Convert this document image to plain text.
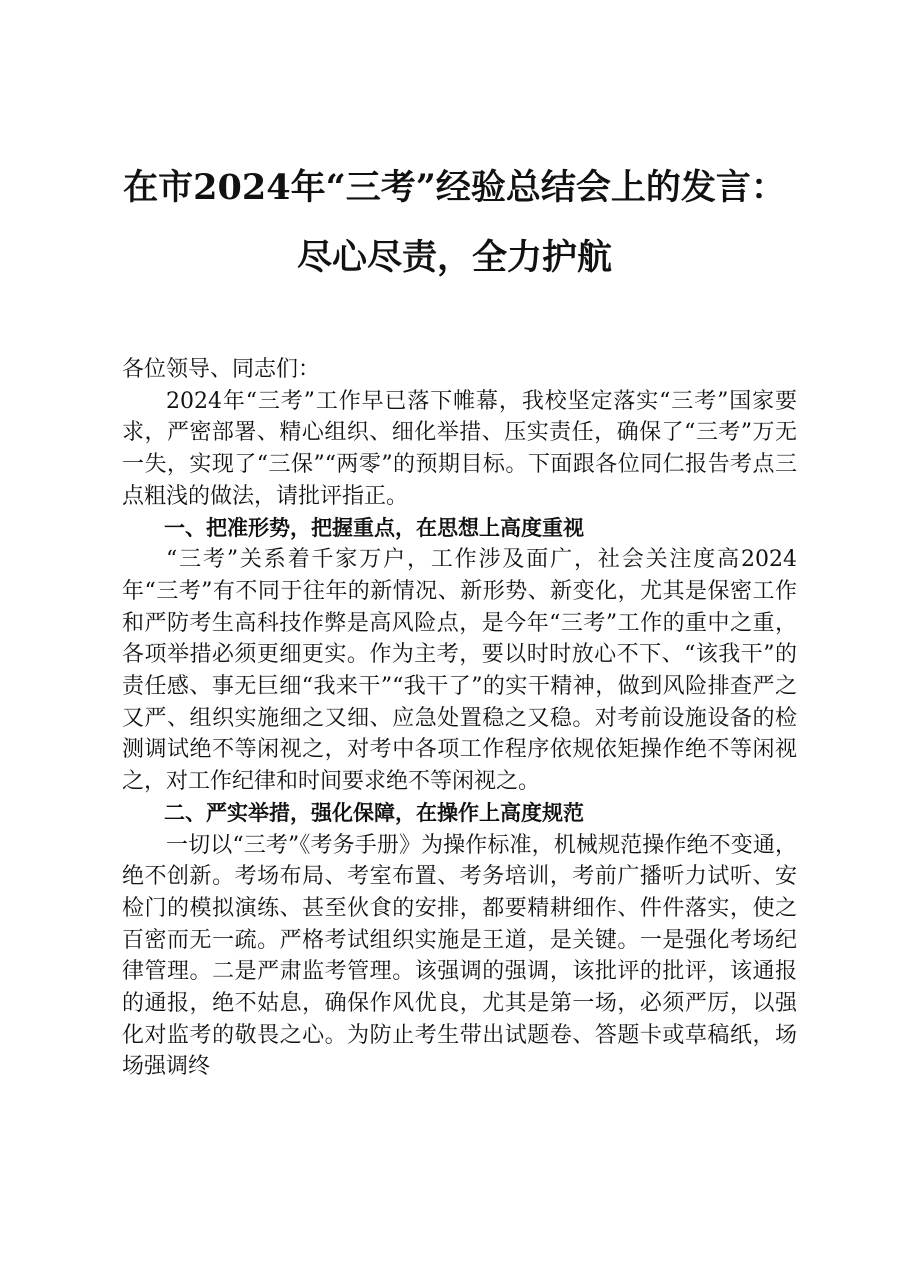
在市2024年“三考”经验总结会上的发言：
尽心尽责，全力护航

各位领导、同志们：

2024年“三考”工作早已落下帷幕，我校坚定落实“三考”国家要求，严密部署、精心组织、细化举措、压实责任，确保了“三考”万无一失，实现了“三保”“两零”的预期目标。下面跟各位同仁报告考点三点粗浅的做法，请批评指正。

一、把准形势，把握重点，在思想上高度重视

“三考”关系着千家万户，工作涉及面广，社会关注度高2024年“三考”有不同于往年的新情况、新形势、新变化，尤其是保密工作和严防考生高科技作弊是高风险点，是今年“三考”工作的重中之重，各项举措必须更细更实。作为主考，要以时时放心不下、“该我干”的责任感、事无巨细“我来干”“我干了”的实干精神，做到风险排查严之又严、组织实施细之又细、应急处置稳之又稳。对考前设施设备的检测调试绝不等闲视之，对考中各项工作程序依规依矩操作绝不等闲视之，对工作纪律和时间要求绝不等闲视之。

二、严实举措，强化保障，在操作上高度规范

一切以“三考”《考务手册》为操作标准，机械规范操作绝不变通，绝不创新。考场布局、考室布置、考务培训，考前广播听力试听、安检门的模拟演练、甚至伙食的安排，都要精耕细作、件件落实，使之百密而无一疏。严格考试组织实施是王道，是关键。一是强化考场纪律管理。二是严肃监考管理。该强调的强调，该批评的批评，该通报的通报，绝不姑息，确保作风优良，尤其是第一场，必须严厉，以强化对监考的敬畏之心。为防止考生带出试题卷、答题卡或草稿纸，场场强调终
